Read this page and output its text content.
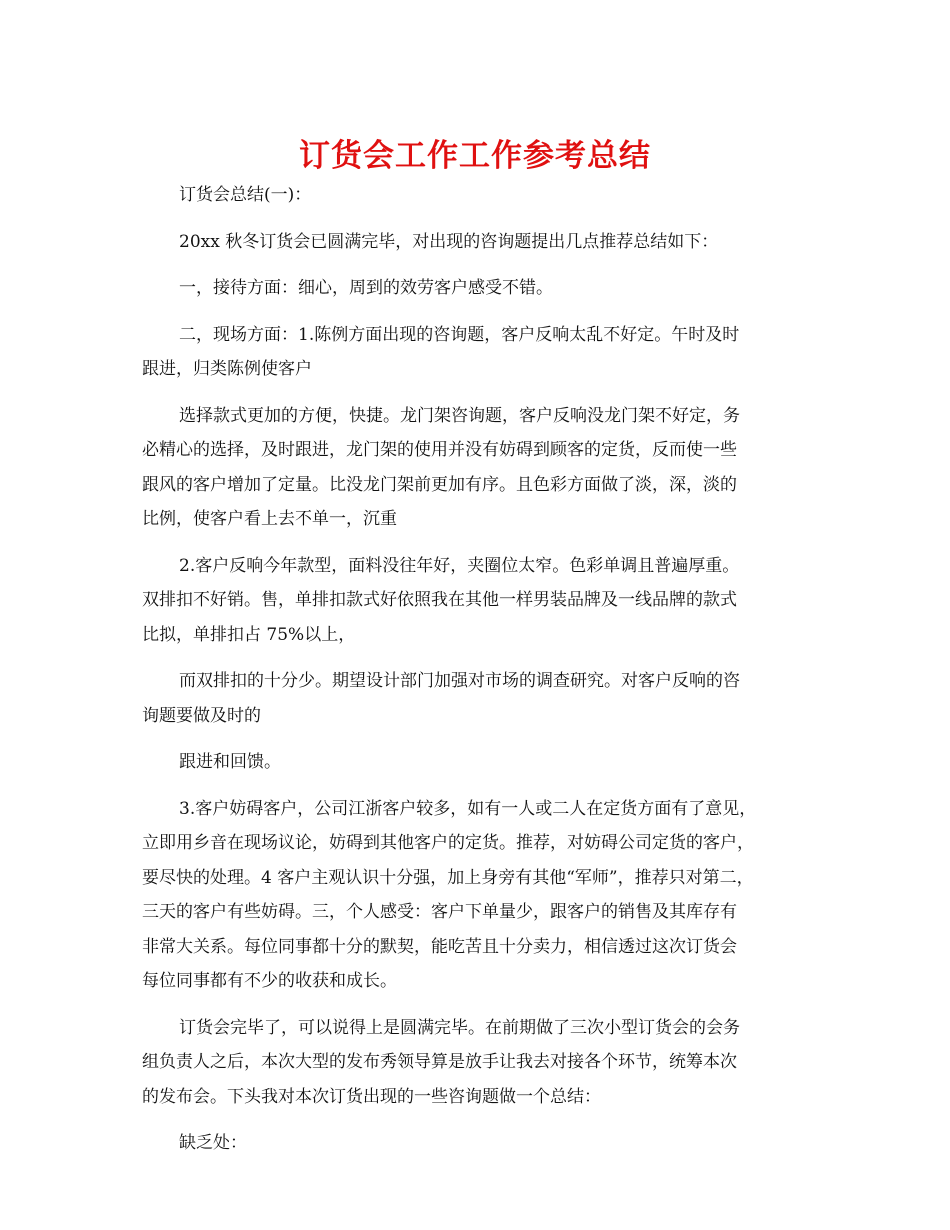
订货会工作工作参考总结
订货会总结(一)：
20xx 秋冬订货会已圆满完毕，对出现的咨询题提出几点推荐总结如下：
一，接待方面：细心，周到的效劳客户感受不错。
二，现场方面：1.陈例方面出现的咨询题，客户反响太乱不好定。午时及时
跟进，归类陈例使客户
选择款式更加的方便，快捷。龙门架咨询题，客户反响没龙门架不好定，务
必精心的选择，及时跟进，龙门架的使用并没有妨碍到顾客的定货，反而使一些
跟风的客户增加了定量。比没龙门架前更加有序。且色彩方面做了淡，深，淡的
比例，使客户看上去不单一，沉重
2.客户反响今年款型，面料没往年好，夹圈位太窄。色彩单调且普遍厚重。
双排扣不好销。售，单排扣款式好依照我在其他一样男装品牌及一线品牌的款式
比拟，单排扣占 75%以上，
而双排扣的十分少。期望设计部门加强对市场的调查研究。对客户反响的咨
询题要做及时的
跟进和回馈。
3.客户妨碍客户，公司江浙客户较多，如有一人或二人在定货方面有了意见，
立即用乡音在现场议论，妨碍到其他客户的定货。推荐，对妨碍公司定货的客户，
要尽快的处理。4 客户主观认识十分强，加上身旁有其他“军师”，推荐只对第二，
三天的客户有些妨碍。三，个人感受：客户下单量少，跟客户的销售及其库存有
非常大关系。每位同事都十分的默契，能吃苦且十分卖力，相信透过这次订货会
每位同事都有不少的收获和成长。
订货会完毕了，可以说得上是圆满完毕。在前期做了三次小型订货会的会务
组负责人之后，本次大型的发布秀领导算是放手让我去对接各个环节，统筹本次
的发布会。下头我对本次订货出现的一些咨询题做一个总结：
缺乏处：
